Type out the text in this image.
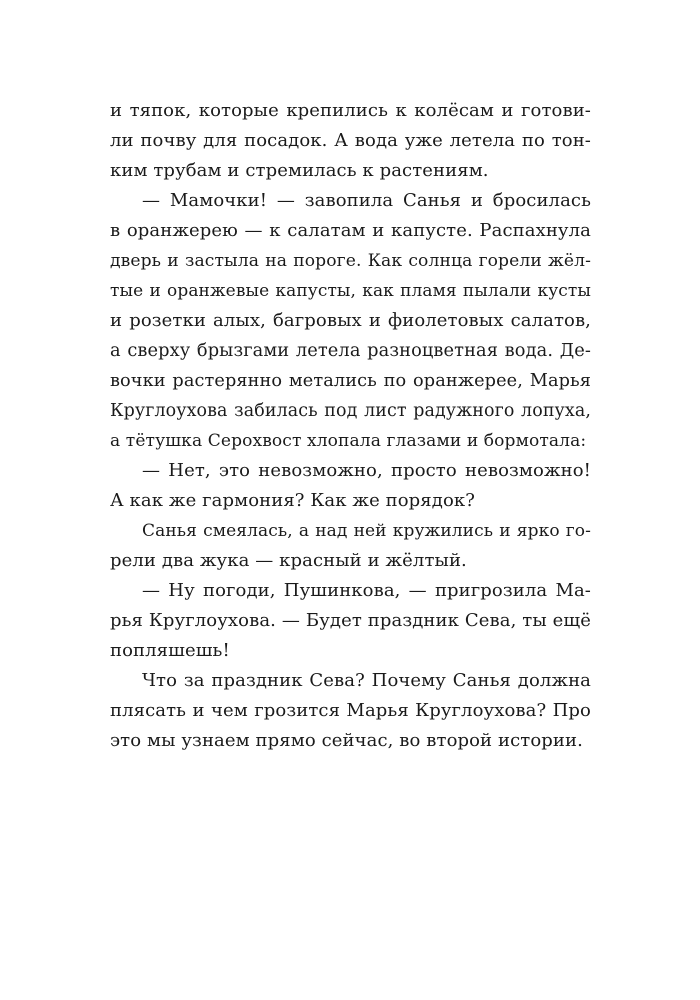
и тяпок, которые крепились к колёсам и готови-
ли почву для посадок. А вода уже летела по тон-
ким трубам и стремилась к растениям.
— Мамочки! — завопила Санья и бросилась
в оранжерею — к салатам и капусте. Распахнула
дверь и застыла на пороге. Как солнца горели жёл-
тые и оранжевые капусты, как пламя пылали кусты
и розетки алых, багровых и фиолетовых салатов,
а сверху брызгами летела разноцветная вода. Де-
вочки растерянно метались по оранжерее, Марья
Круглоухова забилась под лист радужного лопуха,
а тётушка Серохвост хлопала глазами и бормотала:
— Нет, это невозможно, просто невозможно!
А как же гармония? Как же порядок?
Санья смеялась, а над ней кружились и ярко го-
рели два жука — красный и жёлтый.
— Ну погоди, Пушинкова, — пригрозила Ма-
рья Круглоухова. — Будет праздник Сева, ты ещё
попляшешь!
Что за праздник Сева? Почему Санья должна
плясать и чем грозится Марья Круглоухова? Про
это мы узнаем прямо сейчас, во второй истории.
